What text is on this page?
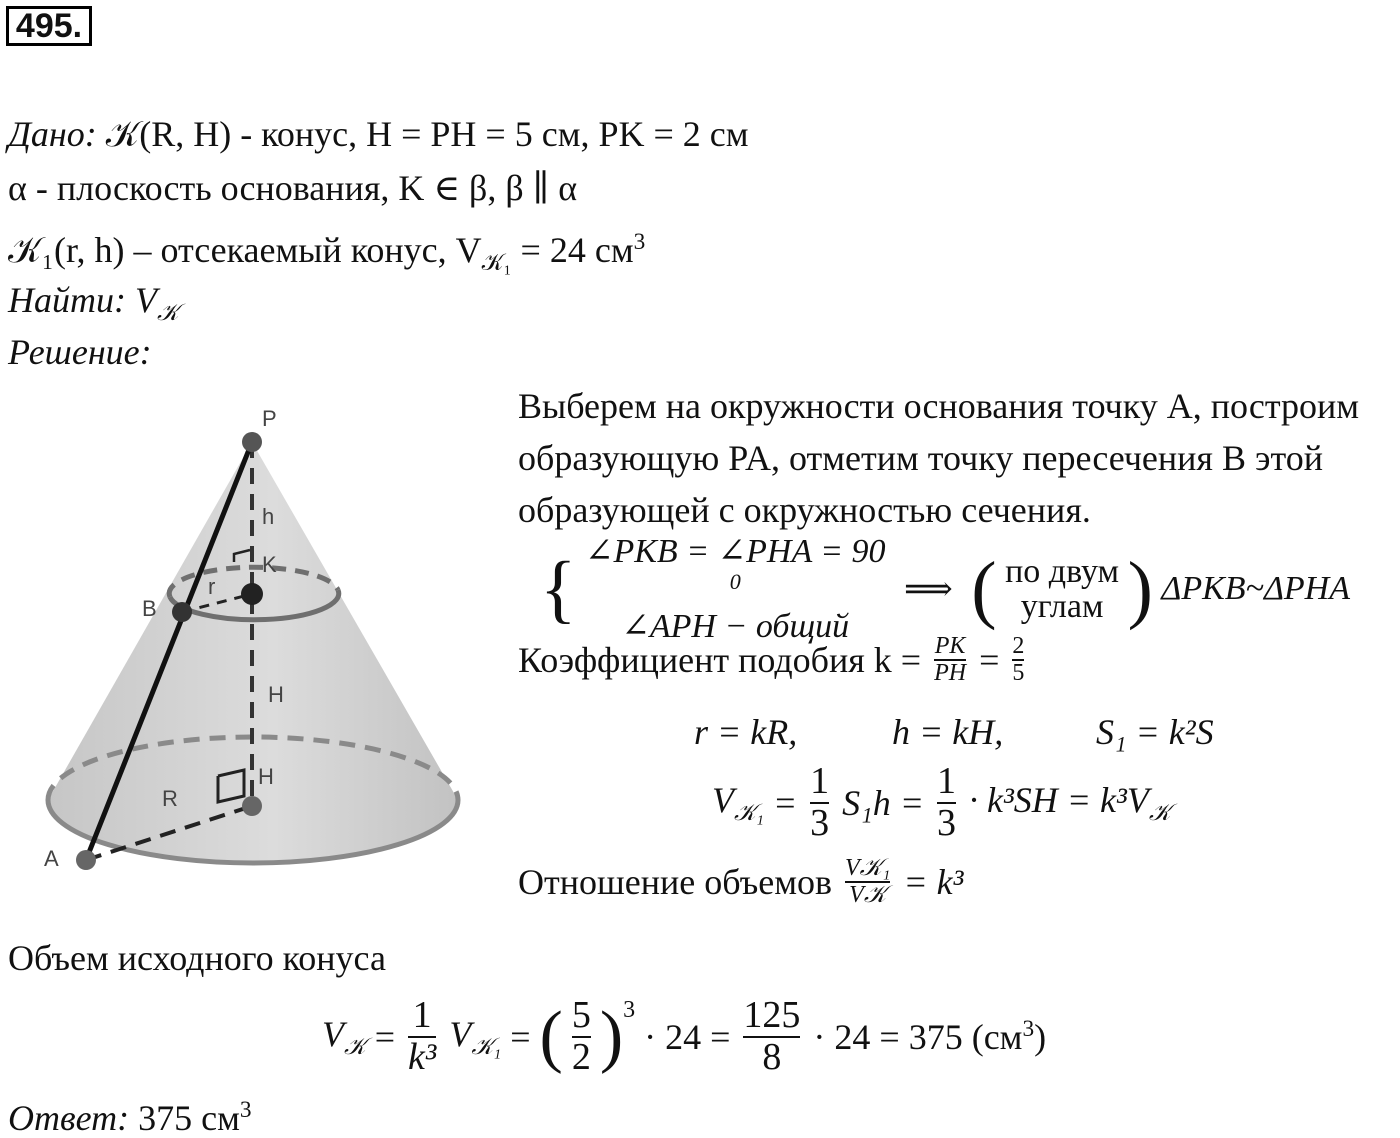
495.
Дано: 𝒦(R, H) - конус, H = PH = 5 см, PK = 2 см
α - плоскость основания, K ∈ β, β ∥ α
𝒦₁(r, h) – отсекаемый конус, $V_{𝒦_1} = 24$ $см^3$
Найти: $V_𝒦$
Решение:
P
h
K
r
B
H
H
R
A
Выберем на окружности основания точку A, построим
образующую PA, отметим точку пересечения B этой
образующей с окружностью сечения.
{ ∠PKB = ∠PHA = 90
$^0$
∠APH − общий
⟹ ( по двум
углам ) ΔPKB~ΔPHA
Коэффициент подобия $k = \frac{PK}{PH} = \frac{2}{5}$
r = kR,	h = kH,	S₁ = k²S
$V_{𝒦_1} = \frac{1}{3} S_1h = \frac{1}{3} \cdot k^3SH = k^3V_𝒦$
Отношение объемов $\frac{\text{V𝒦₁}}{\text{V𝒦}} = k^3$
Объем исходного конуса
$V_𝒦 = \frac{1}{\text{k³}} V_{𝒦_1}$ = ( $\frac{5}{2} )^3 \cdot 24 = \frac{125}{8} \cdot 24 = 375$ $(см^3)$
Ответ: 375 $см^3$
